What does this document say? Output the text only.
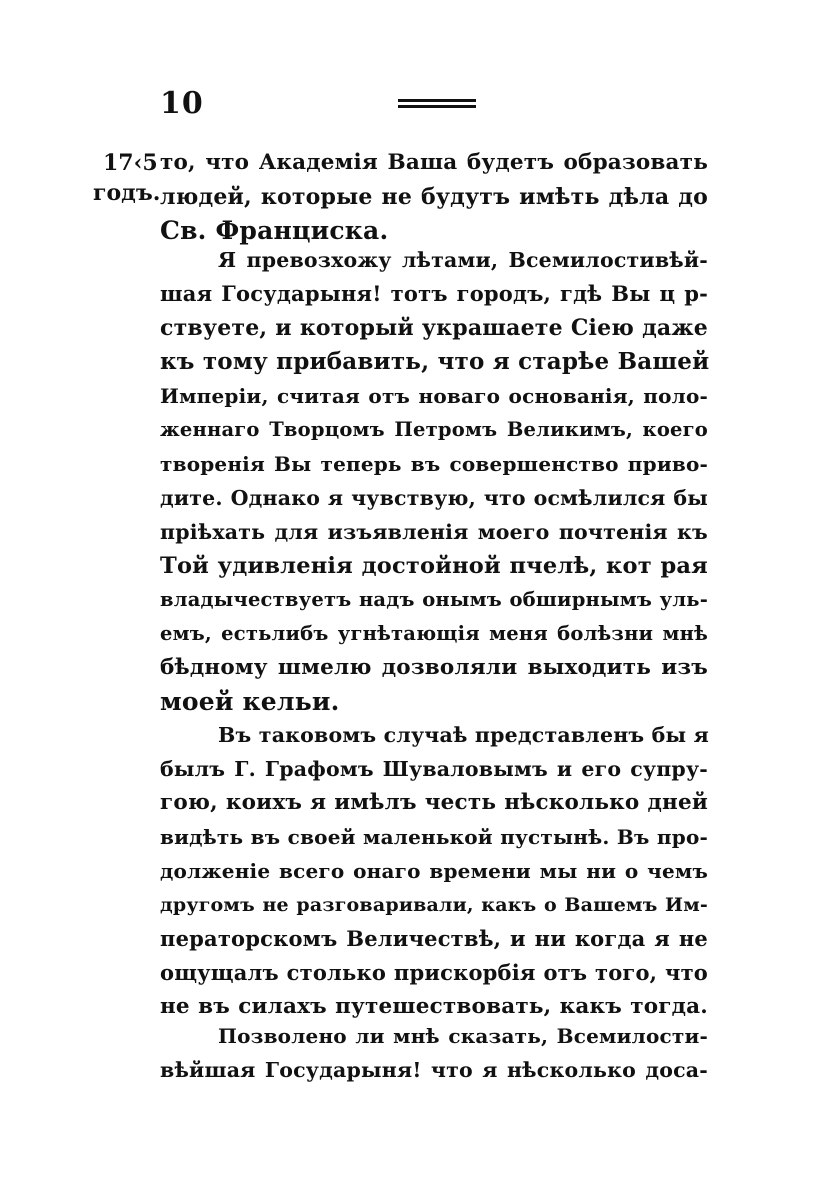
10
17‹5
годъ.
то, что Академія Ваша будетъ образовать
людей, которые не будутъ имѣть дѣла до
Св. Франциска.
Я превозхожу лѣтами, Всемилостивѣй-
шая Государыня! тотъ городъ, гдѣ Вы ц р-
ствуете, и который украшаете Сiею даже
къ тому прибавить, что я старѣе Вашей
Имперiи, считая отъ новаго основанія, поло-
женнаго Творцомъ Петромъ Великимъ, коего
творенія Вы теперь въ совершенство приво-
дите. Однако я чувствую, что осмѣлился бы
прiѣхать для изъявленія моего почтенія къ
Той удивленія достойной пчелѣ, кот рая
владычествуетъ надъ онымъ обширнымъ уль-
емъ, естьлибъ угнѣтающія меня болѣзни мнѣ
бѣдному шмелю дозволяли выходить изъ
моей кельи.
Въ таковомъ случаѣ представленъ бы я
былъ Г. Графомъ Шуваловымъ и его супру-
гою, коихъ я имѣлъ честь нѣсколько дней
видѣть въ своей маленькой пустынѣ. Въ про-
долженіе всего онаго времени мы ни о чемъ
другомъ не разговаривали, какъ о Вашемъ Им-
ператорскомъ Величествѣ, и ни когда я не
ощущалъ столько прискорбія отъ того, что
не въ силахъ путешествовать, какъ тогда.
Позволено ли мнѣ сказать, Всемилости-
вѣйшая Государыня! что я нѣсколько доса-
